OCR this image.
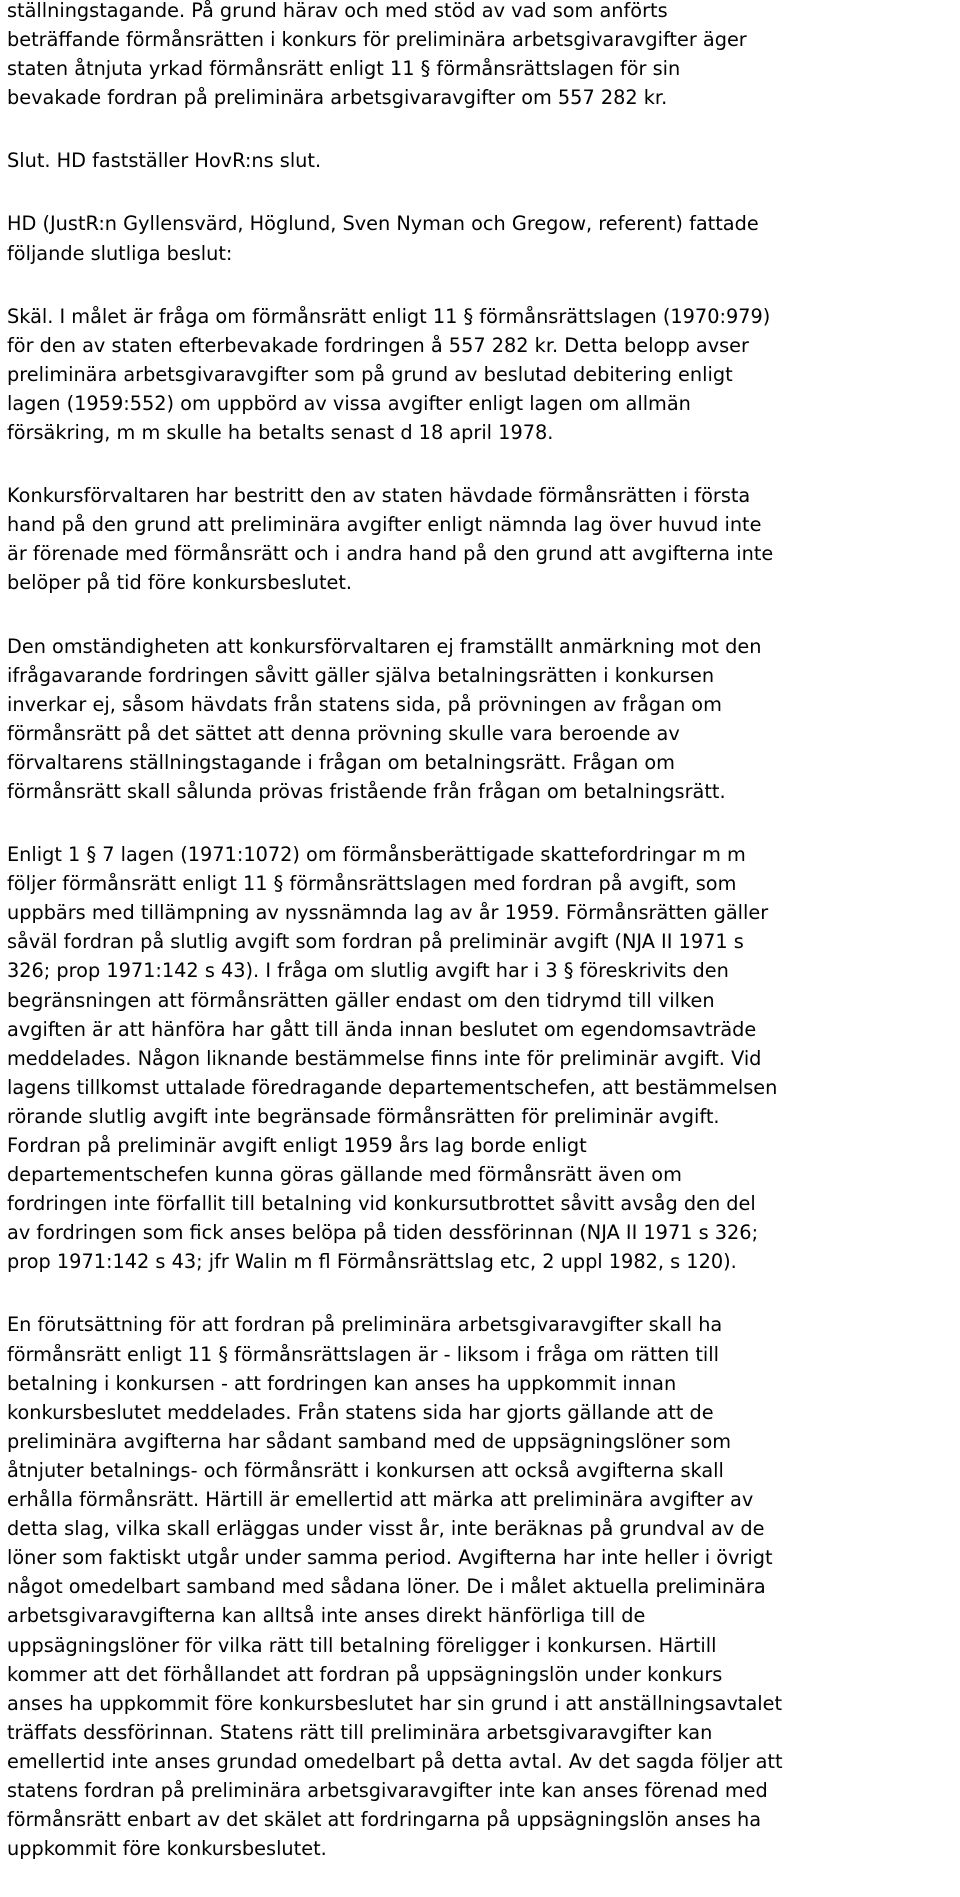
ställningstagande. På grund härav och med stöd av vad som anförts
beträffande förmånsrätten i konkurs för preliminära arbetsgivaravgifter äger
staten åtnjuta yrkad förmånsrätt enligt 11 § förmånsrättslagen för sin
bevakade fordran på preliminära arbetsgivaravgifter om 557 282 kr.

Slut. HD fastställer HovR:ns slut.

HD (JustR:n Gyllensvärd, Höglund, Sven Nyman och Gregow, referent) fattade
följande slutliga beslut:

Skäl. I målet är fråga om förmånsrätt enligt 11 § förmånsrättslagen (1970:979)
för den av staten efterbevakade fordringen å 557 282 kr. Detta belopp avser
preliminära arbetsgivaravgifter som på grund av beslutad debitering enligt
lagen (1959:552) om uppbörd av vissa avgifter enligt lagen om allmän
försäkring, m m skulle ha betalts senast d 18 april 1978.

Konkursförvaltaren har bestritt den av staten hävdade förmånsrätten i första
hand på den grund att preliminära avgifter enligt nämnda lag över huvud inte
är förenade med förmånsrätt och i andra hand på den grund att avgifterna inte
belöper på tid före konkursbeslutet.

Den omständigheten att konkursförvaltaren ej framställt anmärkning mot den
ifrågavarande fordringen såvitt gäller själva betalningsrätten i konkursen
inverkar ej, såsom hävdats från statens sida, på prövningen av frågan om
förmånsrätt på det sättet att denna prövning skulle vara beroende av
förvaltarens ställningstagande i frågan om betalningsrätt. Frågan om
förmånsrätt skall sålunda prövas fristående från frågan om betalningsrätt.

Enligt 1 § 7 lagen (1971:1072) om förmånsberättigade skattefordringar m m
följer förmånsrätt enligt 11 § förmånsrättslagen med fordran på avgift, som
uppbärs med tillämpning av nyssnämnda lag av år 1959. Förmånsrätten gäller
såväl fordran på slutlig avgift som fordran på preliminär avgift (NJA II 1971 s
326; prop 1971:142 s 43). I fråga om slutlig avgift har i 3 § föreskrivits den
begränsningen att förmånsrätten gäller endast om den tidrymd till vilken
avgiften är att hänföra har gått till ända innan beslutet om egendomsavträde
meddelades. Någon liknande bestämmelse finns inte för preliminär avgift. Vid
lagens tillkomst uttalade föredragande departementschefen, att bestämmelsen
rörande slutlig avgift inte begränsade förmånsrätten för preliminär avgift.
Fordran på preliminär avgift enligt 1959 års lag borde enligt
departementschefen kunna göras gällande med förmånsrätt även om
fordringen inte förfallit till betalning vid konkursutbrottet såvitt avsåg den del
av fordringen som fick anses belöpa på tiden dessförinnan (NJA II 1971 s 326;
prop 1971:142 s 43; jfr Walin m fl Förmånsrättslag etc, 2 uppl 1982, s 120).

En förutsättning för att fordran på preliminära arbetsgivaravgifter skall ha
förmånsrätt enligt 11 § förmånsrättslagen är - liksom i fråga om rätten till
betalning i konkursen - att fordringen kan anses ha uppkommit innan
konkursbeslutet meddelades. Från statens sida har gjorts gällande att de
preliminära avgifterna har sådant samband med de uppsägningslöner som
åtnjuter betalnings- och förmånsrätt i konkursen att också avgifterna skall
erhålla förmånsrätt. Härtill är emellertid att märka att preliminära avgifter av
detta slag, vilka skall erläggas under visst år, inte beräknas på grundval av de
löner som faktiskt utgår under samma period. Avgifterna har inte heller i övrigt
något omedelbart samband med sådana löner. De i målet aktuella preliminära
arbetsgivaravgifterna kan alltså inte anses direkt hänförliga till de
uppsägningslöner för vilka rätt till betalning föreligger i konkursen. Härtill
kommer att det förhållandet att fordran på uppsägningslön under konkurs
anses ha uppkommit före konkursbeslutet har sin grund i att anställningsavtalet
träffats dessförinnan. Statens rätt till preliminära arbetsgivaravgifter kan
emellertid inte anses grundad omedelbart på detta avtal. Av det sagda följer att
statens fordran på preliminära arbetsgivaravgifter inte kan anses förenad med
förmånsrätt enbart av det skälet att fordringarna på uppsägningslön anses ha
uppkommit före konkursbeslutet.
